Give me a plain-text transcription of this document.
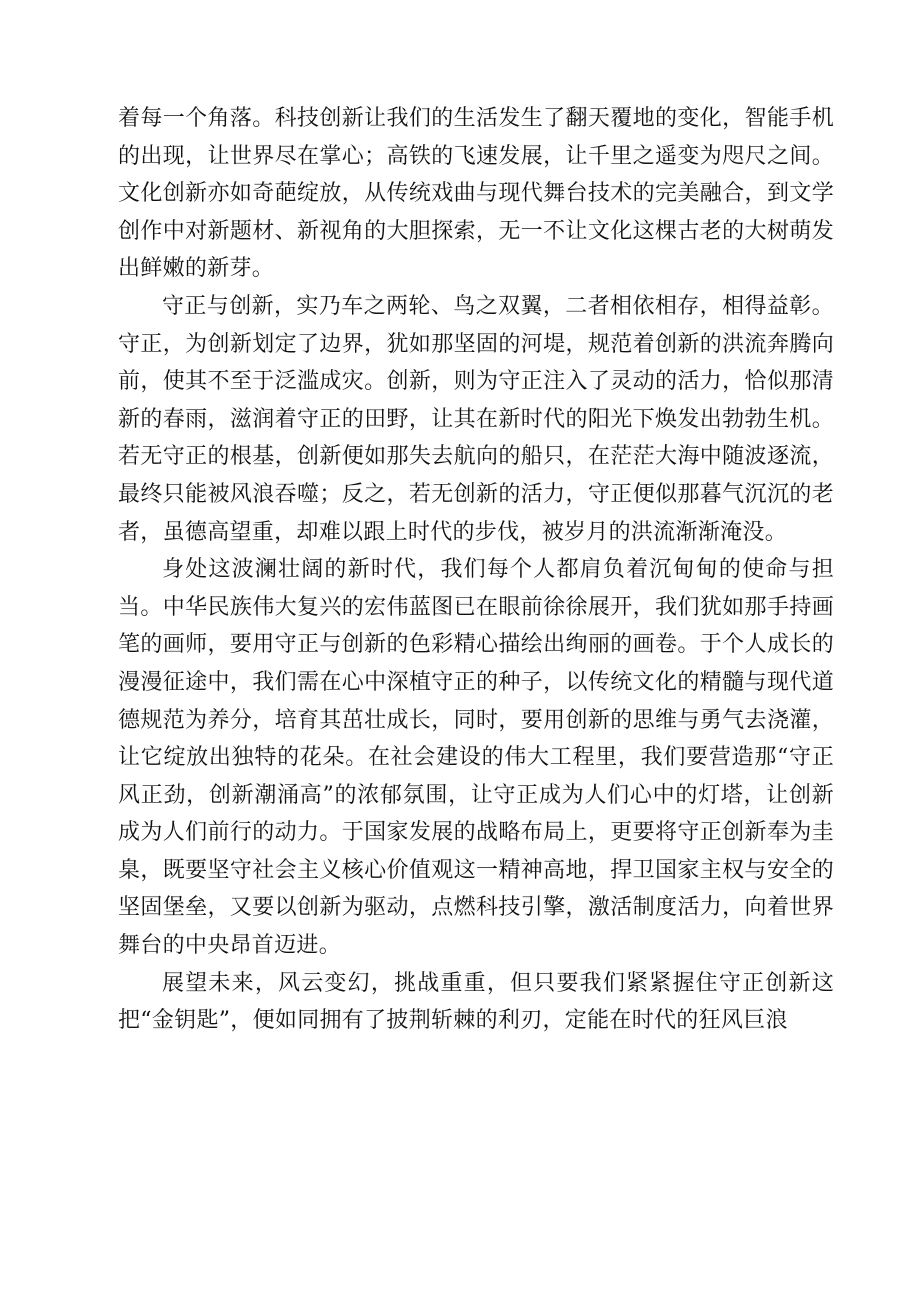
着每一个角落。科技创新让我们的生活发生了翻天覆地的变化，智能手机的出现，让世界尽在掌心；高铁的飞速发展，让千里之遥变为咫尺之间。文化创新亦如奇葩绽放，从传统戏曲与现代舞台技术的完美融合，到文学创作中对新题材、新视角的大胆探索，无一不让文化这棵古老的大树萌发出鲜嫩的新芽。

守正与创新，实乃车之两轮、鸟之双翼，二者相依相存，相得益彰。守正，为创新划定了边界，犹如那坚固的河堤，规范着创新的洪流奔腾向前，使其不至于泛滥成灾。创新，则为守正注入了灵动的活力，恰似那清新的春雨，滋润着守正的田野，让其在新时代的阳光下焕发出勃勃生机。若无守正的根基，创新便如那失去航向的船只，在茫茫大海中随波逐流，最终只能被风浪吞噬；反之，若无创新的活力，守正便似那暮气沉沉的老者，虽德高望重，却难以跟上时代的步伐，被岁月的洪流渐渐淹没。

身处这波澜壮阔的新时代，我们每个人都肩负着沉甸甸的使命与担当。中华民族伟大复兴的宏伟蓝图已在眼前徐徐展开，我们犹如那手持画笔的画师，要用守正与创新的色彩精心描绘出绚丽的画卷。于个人成长的漫漫征途中，我们需在心中深植守正的种子，以传统文化的精髓与现代道德规范为养分，培育其茁壮成长，同时，要用创新的思维与勇气去浇灌，让它绽放出独特的花朵。在社会建设的伟大工程里，我们要营造那“守正风正劲，创新潮涌高”的浓郁氛围，让守正成为人们心中的灯塔，让创新成为人们前行的动力。于国家发展的战略布局上，更要将守正创新奉为圭臬，既要坚守社会主义核心价值观这一精神高地，捍卫国家主权与安全的坚固堡垒，又要以创新为驱动，点燃科技引擎，激活制度活力，向着世界舞台的中央昂首迈进。

展望未来，风云变幻，挑战重重，但只要我们紧紧握住守正创新这把“金钥匙”，便如同拥有了披荆斩棘的利刃，定能在时代的狂风巨浪
